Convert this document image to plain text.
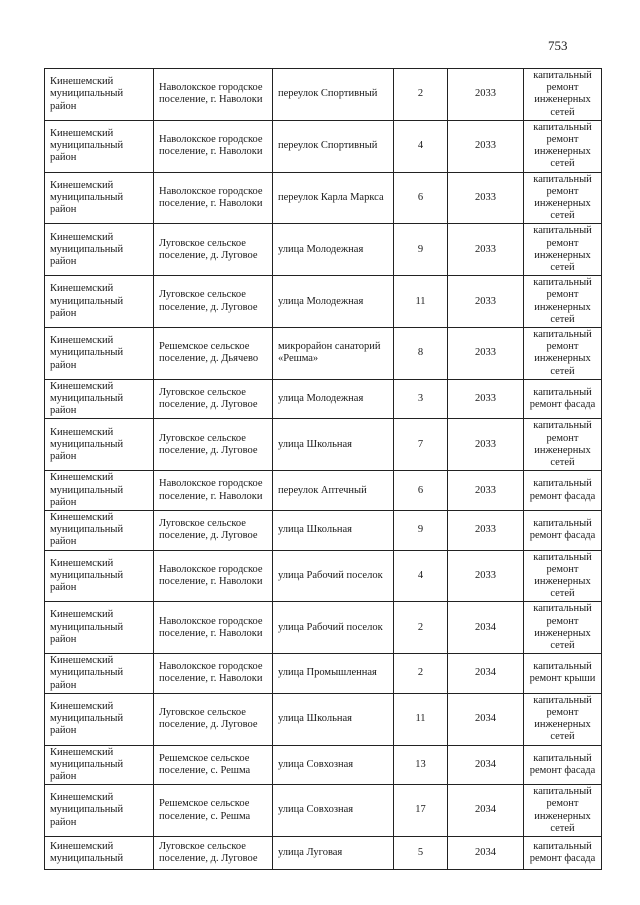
753
Кинешемский муниципальный район	Наволокское городское поселение, г. Наволоки	переулок Спортивный	2	2033	капитальный ремонт инженерных сетей
Кинешемский муниципальный район	Наволокское городское поселение, г. Наволоки	переулок Спортивный	4	2033	капитальный ремонт инженерных сетей
Кинешемский муниципальный район	Наволокское городское поселение, г. Наволоки	переулок Карла Маркса	6	2033	капитальный ремонт инженерных сетей
Кинешемский муниципальный район	Луговское сельское поселение, д. Луговое	улица Молодежная	9	2033	капитальный ремонт инженерных сетей
Кинешемский муниципальный район	Луговское сельское поселение, д. Луговое	улица Молодежная	11	2033	капитальный ремонт инженерных сетей
Кинешемский муниципальный район	Решемское сельское поселение, д. Дьячево	микрорайон санаторий «Решма»	8	2033	капитальный ремонт инженерных сетей
Кинешемский муниципальный район	Луговское сельское поселение, д. Луговое	улица Молодежная	3	2033	капитальный ремонт фасада
Кинешемский муниципальный район	Луговское сельское поселение, д. Луговое	улица Школьная	7	2033	капитальный ремонт инженерных сетей
Кинешемский муниципальный район	Наволокское городское поселение, г. Наволоки	переулок Аптечный	6	2033	капитальный ремонт фасада
Кинешемский муниципальный район	Луговское сельское поселение, д. Луговое	улица Школьная	9	2033	капитальный ремонт фасада
Кинешемский муниципальный район	Наволокское городское поселение, г. Наволоки	улица Рабочий поселок	4	2033	капитальный ремонт инженерных сетей
Кинешемский муниципальный район	Наволокское городское поселение, г. Наволоки	улица Рабочий поселок	2	2034	капитальный ремонт инженерных сетей
Кинешемский муниципальный район	Наволокское городское поселение, г. Наволоки	улица Промышленная	2	2034	капитальный ремонт крыши
Кинешемский муниципальный район	Луговское сельское поселение, д. Луговое	улица Школьная	11	2034	капитальный ремонт инженерных сетей
Кинешемский муниципальный район	Решемское сельское поселение, с. Решма	улица Совхозная	13	2034	капитальный ремонт фасада
Кинешемский муниципальный район	Решемское сельское поселение, с. Решма	улица Совхозная	17	2034	капитальный ремонт инженерных сетей
Кинешемский муниципальный	Луговское сельское поселение, д. Луговое	улица Луговая	5	2034	капитальный ремонт фасада
